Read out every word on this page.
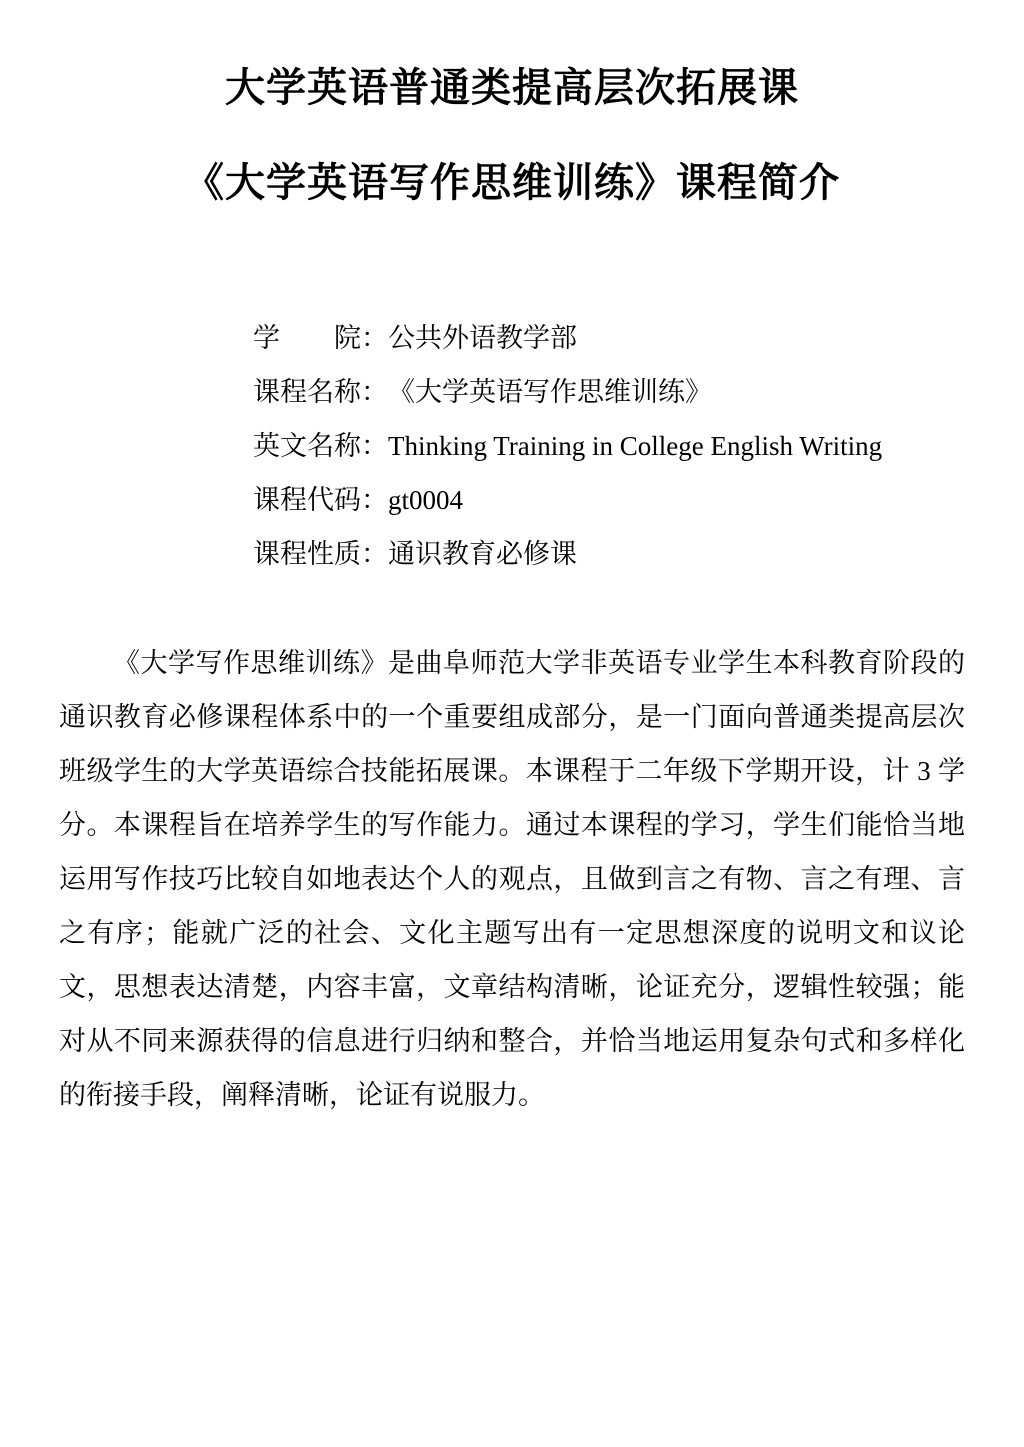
大学英语普通类提高层次拓展课
《大学英语写作思维训练》课程简介
学院：公共外语教学部
课程名称：《大学英语写作思维训练》
英文名称：Thinking Training in College English Writing
课程代码：gt0004
课程性质：通识教育必修课

《大学写作思维训练》是曲阜师范大学非英语专业学生本科教育阶段的通识教育必修课程体系中的一个重要组成部分，是一门面向普通类提高层次班级学生的大学英语综合技能拓展课。本课程于二年级下学期开设，计 3 学分。本课程旨在培养学生的写作能力。通过本课程的学习，学生们能恰当地运用写作技巧比较自如地表达个人的观点，且做到言之有物、言之有理、言之有序；能就广泛的社会、文化主题写出有一定思想深度的说明文和议论文，思想表达清楚，内容丰富，文章结构清晰，论证充分，逻辑性较强；能对从不同来源获得的信息进行归纳和整合，并恰当地运用复杂句式和多样化的衔接手段，阐释清晰，论证有说服力。
